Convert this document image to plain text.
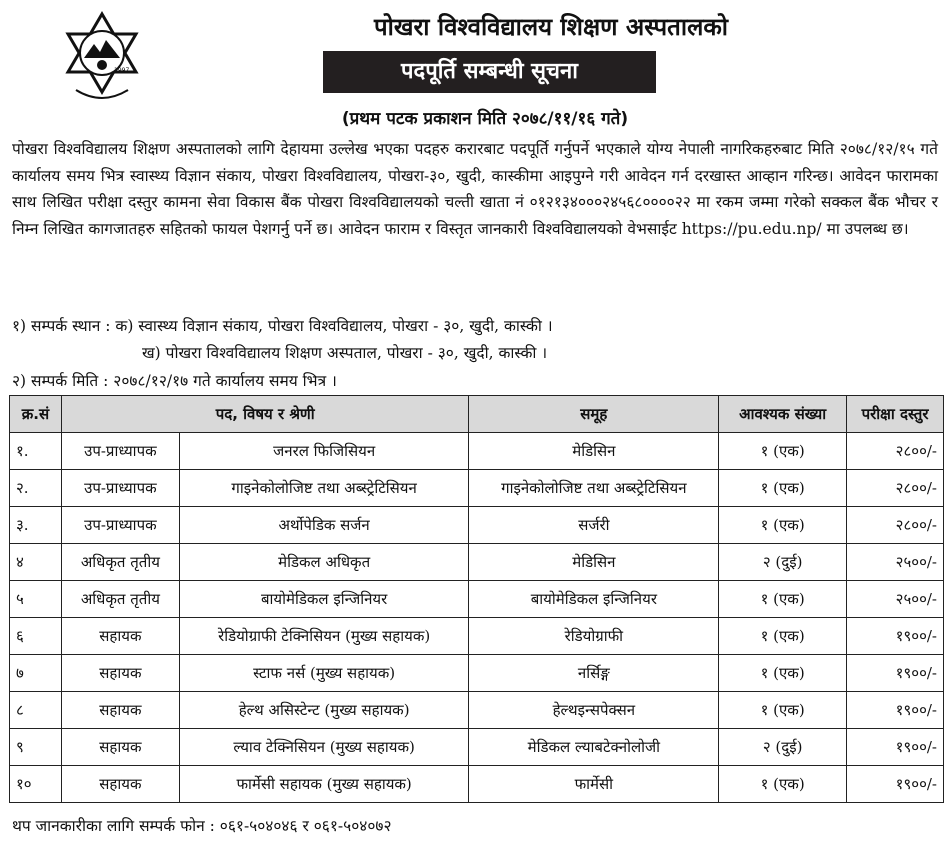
1997
पोखरा विश्वविद्यालय शिक्षण अस्पतालको
पदपूर्ति सम्बन्धी सूचना
(प्रथम पटक प्रकाशन मिति २०७८/११/१६ गते)
पोखरा विश्वविद्यालय शिक्षण अस्पतालको लागि देहायमा उल्लेख भएका पदहरु करारबाट पदपूर्ति गर्नुपर्ने भएकाले योग्य नेपाली नागरिकहरुबाट मिति २०७८/१२/१५ गते कार्यालय समय भित्र स्वास्थ्य विज्ञान संकाय, पोखरा विश्वविद्यालय, पोखरा-३०, खुदी, कास्कीमा आइपुग्ने गरी आवेदन गर्न दरखास्त आव्हान गरिन्छ। आवेदन फारामका साथ लिखित परीक्षा दस्तुर कामना सेवा विकास बैंक पोखरा विश्वविद्यालयको चल्ती खाता नं ०१२१३४०००२४५६८००००२२ मा रकम जम्मा गरेको सक्कल बैंक भौचर र निम्न लिखित कागजातहरु सहितको फायल पेशगर्नु पर्ने छ। आवेदन फाराम र विस्तृत जानकारी विश्वविद्यालयको वेभसाईट https://pu.edu.np/ मा उपलब्ध छ।
१) सम्पर्क स्थान : क) स्वास्थ्य विज्ञान संकाय, पोखरा विश्वविद्यालय, पोखरा - ३०, खुदी, कास्की ।
ख) पोखरा विश्वविद्यालय शिक्षण अस्पताल, पोखरा - ३०, खुदी, कास्की ।
२) सम्पर्क मिति : २०७८/१२/१७ गते कार्यालय समय भित्र ।
क्र.सं	पद, विषय र श्रेणी		समूह	आवश्यक संख्या	परीक्षा दस्तुर
१.	उप-प्राध्यापक	जनरल फिजिसियन	मेडिसिन	१ (एक)	२८००/-
२.	उप-प्राध्यापक	गाइनेकोलोजिष्ट तथा अब्स्ट्रेटिसियन	गाइनेकोलोजिष्ट तथा अब्स्ट्रेटिसियन	१ (एक)	२८००/-
३.	उप-प्राध्यापक	अर्थोपेडिक सर्जन	सर्जरी	१ (एक)	२८००/-
४	अधिकृत तृतीय	मेडिकल अधिकृत	मेडिसिन	२ (दुई)	२५००/-
५	अधिकृत तृतीय	बायोमेडिकल इन्जिनियर	बायोमेडिकल इन्जिनियर	१ (एक)	२५००/-
६	सहायक	रेडियोग्राफी टेक्निसियन (मुख्य सहायक)	रेडियोग्राफी	१ (एक)	१९००/-
७	सहायक	स्टाफ नर्स (मुख्य सहायक)	नर्सिङ्ग	१ (एक)	१९००/-
८	सहायक	हेल्थ असिस्टेन्ट (मुख्य सहायक)	हेल्थइन्सपेक्सन	१ (एक)	१९००/-
९	सहायक	ल्याव टेक्निसियन (मुख्य सहायक)	मेडिकल ल्याबटेक्नोलोजी	२ (दुई)	१९००/-
१०	सहायक	फार्मेसी सहायक (मुख्य सहायक)	फार्मेसी	१ (एक)	१९००/-
थप जानकारीका लागि सम्पर्क फोन : ०६१-५०४०४६ र ०६१-५०४०७२
